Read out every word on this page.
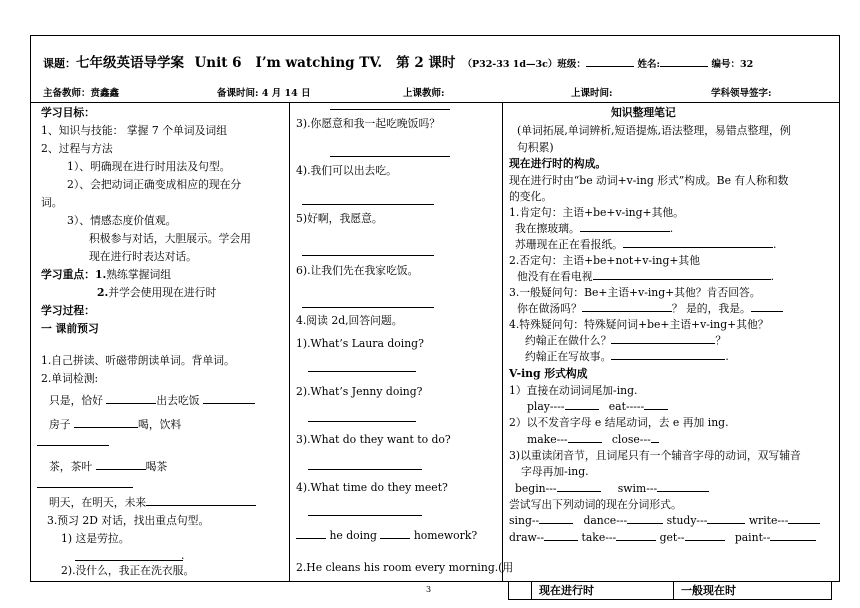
课题：七年级英语导学案 Unit 6 I’m watching TV. 第 2 课时 （P32-33 1d—3c）班级：	姓名:	编号：32
主备教师：贲鑫鑫	备课时间: 4 月 14 日	上课教师:	上课时间:	学科领导签字:
学习目标：
1、知识与技能： 掌握 7 个单词及词组
2、过程与方法
1）、明确现在进行时用法及句型。
2）、会把动词正确变成相应的现在分
词。
3）、情感态度价值观。
积极参与对话，大胆展示。学会用
现在进行时表达对话。
学习重点：1.熟练掌握词组
2.并学会使用现在进行时
学习过程：
一 课前预习
1.自己拼读、听磁带朗读单词。背单词。
2.单词检测:
只是，恰好	出去吃饭
房子	喝，饮料
茶，茶叶	喝茶
明天，在明天，未来
3.预习 2D 对话，找出重点句型。
1) 这是劳拉。
.
2).没什么，我正在洗衣服。
3).你愿意和我一起吃晚饭吗？
4).我们可以出去吃。
5)好啊，我愿意。
6).让我们先在我家吃饭。
4.阅读 2d,回答问题。
1).What’s Laura doing?
2).What’s Jenny doing?
3).What do they want to do?
4).What time do they meet?
he doing	homework?
2.He cleans his room every morning.(用
知识整理笔记
(单词拓展,单词辨析,短语提炼,语法整理，易错点整理，例
句积累)
现在进行时的构成。
现在进行时由“be 动词+v-ing 形式”构成。Be 有人称和数
的变化。
1.肯定句：主语+be+v-ing+其他。
我在擦玻璃。	.
苏珊现在正在看报纸。	.
2.否定句：主语+be+not+v-ing+其他
他没有在看电视	.
3.一般疑问句：Be+主语+v-ing+其他？肯否回答。
你在做汤吗？	？ 是的，我是。
4.特殊疑问句：特殊疑问词+be+主语+v-ing+其他？
约翰正在做什么？	？
约翰正在写故事。	.
V-ing 形式构成
1）直接在动词词尾加-ing.
play----	eat-----
2）以不发音字母 e 结尾动词，去 e 再加 ing.
make---	close---
3)以重读闭音节，且词尾只有一个辅音字母的动词，双写辅音
字母再加-ing.
begin---	swim---
尝试写出下列动词的现在分词形式。
sing--	dance---	study---	write---
draw--	take---	get--	paint--
现在进行时	一般现在时
3
